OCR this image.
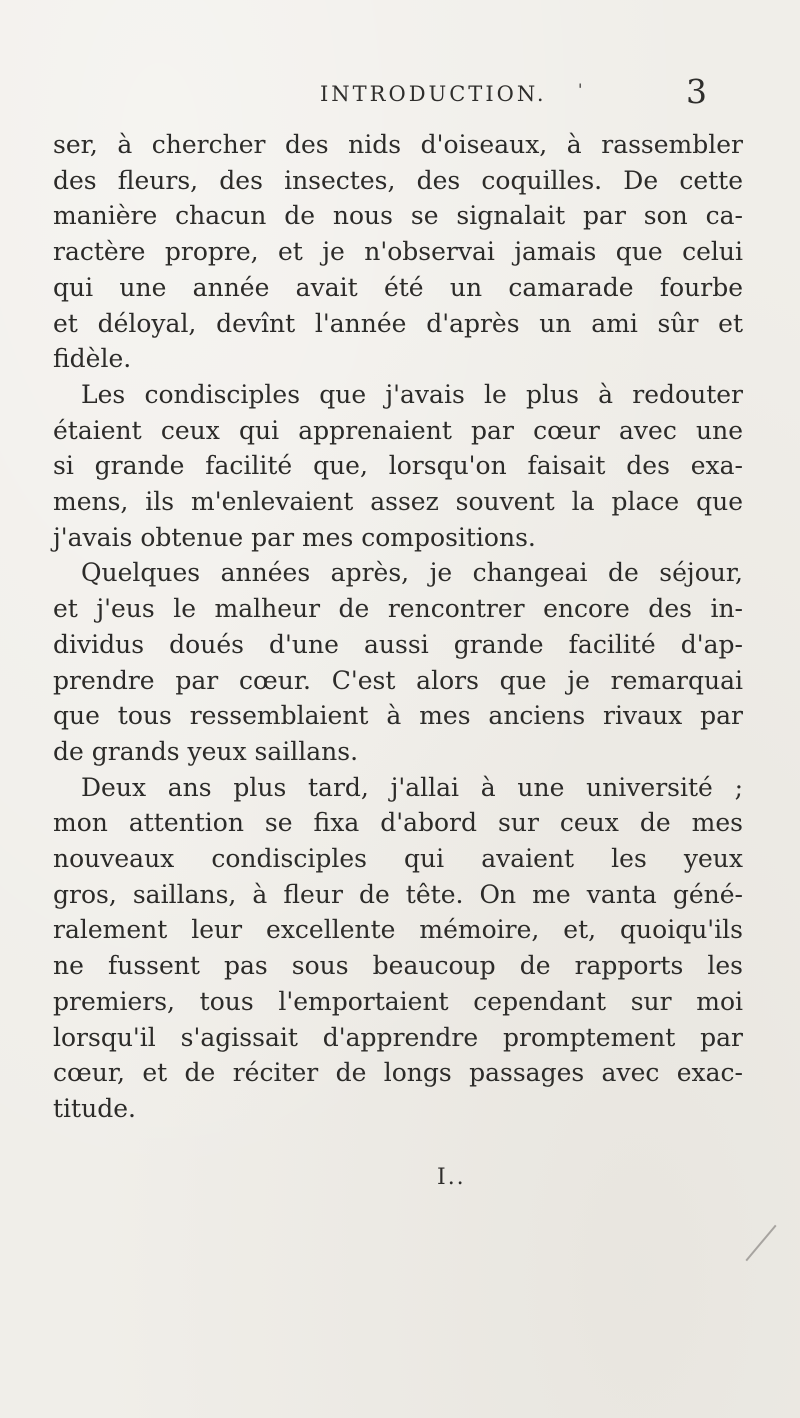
INTRODUCTION. '	3
ser, à chercher des nids d'oiseaux, à rassembler
des fleurs, des insectes, des coquilles. De cette
manière chacun de nous se signalait par son ca-
ractère propre, et je n'observai jamais que celui
qui une année avait été un camarade fourbe
et déloyal, devînt l'année d'après un ami sûr et
fidèle.
Les condisciples que j'avais le plus à redouter
étaient ceux qui apprenaient par cœur avec une
si grande facilité que, lorsqu'on faisait des exa-
mens, ils m'enlevaient assez souvent la place que
j'avais obtenue par mes compositions.
Quelques années après, je changeai de séjour,
et j'eus le malheur de rencontrer encore des in-
dividus doués d'une aussi grande facilité d'ap-
prendre par cœur. C'est alors que je remarquai
que tous ressemblaient à mes anciens rivaux par
de grands yeux saillans.
Deux ans plus tard, j'allai à une université ;
mon attention se fixa d'abord sur ceux de mes
nouveaux condisciples qui avaient les yeux
gros, saillans, à fleur de tête. On me vanta géné-
ralement leur excellente mémoire, et, quoiqu'ils
ne fussent pas sous beaucoup de rapports les
premiers, tous l'emportaient cependant sur moi
lorsqu'il s'agissait d'apprendre promptement par
cœur, et de réciter de longs passages avec exac-
titude.
I..
